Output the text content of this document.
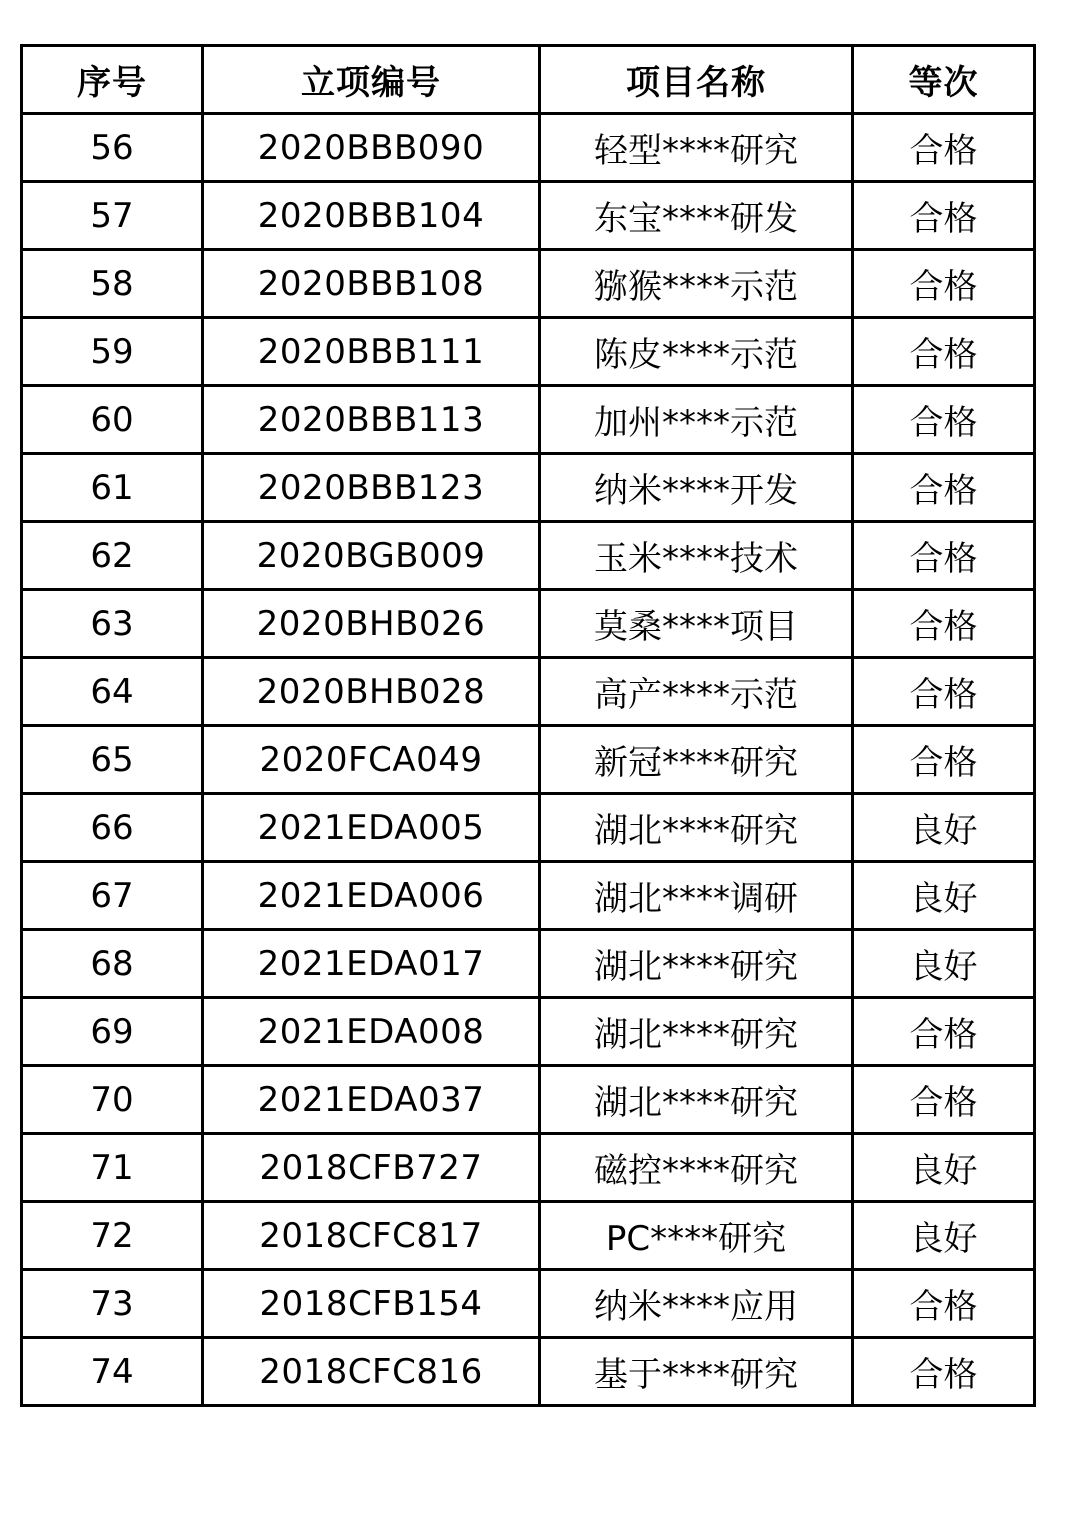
序号	立项编号	项目名称	等次
56	2020BBB090	轻型****研究	合格
57	2020BBB104	东宝****研发	合格
58	2020BBB108	猕猴****示范	合格
59	2020BBB111	陈皮****示范	合格
60	2020BBB113	加州****示范	合格
61	2020BBB123	纳米****开发	合格
62	2020BGB009	玉米****技术	合格
63	2020BHB026	莫桑****项目	合格
64	2020BHB028	高产****示范	合格
65	2020FCA049	新冠****研究	合格
66	2021EDA005	湖北****研究	良好
67	2021EDA006	湖北****调研	良好
68	2021EDA017	湖北****研究	良好
69	2021EDA008	湖北****研究	合格
70	2021EDA037	湖北****研究	合格
71	2018CFB727	磁控****研究	良好
72	2018CFC817	PC****研究	良好
73	2018CFB154	纳米****应用	合格
74	2018CFC816	基于****研究	合格
